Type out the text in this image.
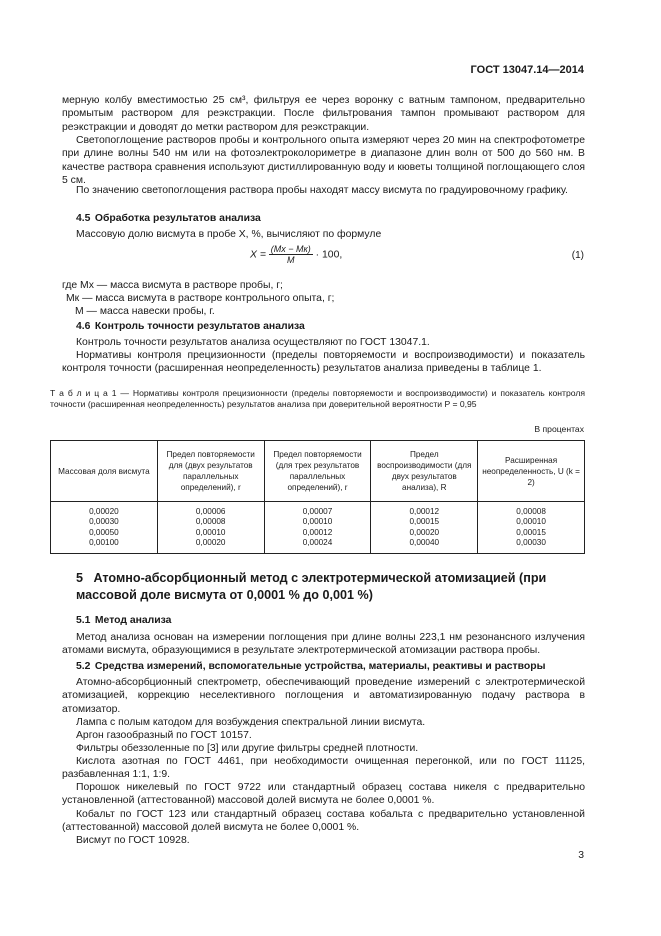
ГОСТ 13047.14—2014
мерную колбу вместимостью 25 см³, фильтруя ее через воронку с ватным тампоном, предварительно промытым раствором для реэкстракции. После фильтрования тампон промывают раствором для реэкстракции и доводят до метки раствором для реэкстракции.
Светопоглощение растворов пробы и контрольного опыта измеряют через 20 мин на спектрофотометре при длине волны 540 нм или на фотоэлектроколориметре в диапазоне длин волн от 500 до 560 нм. В качестве раствора сравнения используют дистиллированную воду и кюветы толщиной поглощающего слоя 5 см.
По значению светопоглощения раствора пробы находят массу висмута по градуировочному графику.
4.5 Обработка результатов анализа
Массовую долю висмута в пробе X, %, вычисляют по формуле
$X = \frac{(Mx - Mк)}{M} \cdot 100$,	(1)
где Mx — масса висмута в растворе пробы, г;
Mк — масса висмута в растворе контрольного опыта, г;
M — масса навески пробы, г.
4.6 Контроль точности результатов анализа
Контроль точности результатов анализа осуществляют по ГОСТ 13047.1.
Нормативы контроля прецизионности (пределы повторяемости и воспроизводимости) и показатель контроля точности (расширенная неопределенность) результатов анализа приведены в таблице 1.
Т а б л и ц а 1 — Нормативы контроля прецизионности (пределы повторяемости и воспроизводимости) и показатель контроля точности (расширенная неопределенность) результатов анализа при доверительной вероятности P = 0,95
В процентах
Массовая доля висмута	Предел повторяемости для (двух результатов параллельных определений), r	Предел повторяемости (для трех результатов параллельных определений), r	Предел воспроизводимости (для двух результатов анализа), R	Расширенная неопределенность, U (k = 2)
0,00020	0,00006	0,00007	0,00012	0,00008
0,00030	0,00008	0,00010	0,00015	0,00010
0,00050	0,00010	0,00012	0,00020	0,00015
0,00100	0,00020	0,00024	0,00040	0,00030
5 Атомно-абсорбционный метод с электротермической атомизацией (при массовой доле висмута от 0,0001 % до 0,001 %)
5.1 Метод анализа
Метод анализа основан на измерении поглощения при длине волны 223,1 нм резонансного излучения атомами висмута, образующимися в результате электротермической атомизации раствора пробы.
5.2 Средства измерений, вспомогательные устройства, материалы, реактивы и растворы
Атомно-абсорбционный спектрометр, обеспечивающий проведение измерений с электротермической атомизацией, коррекцию неселективного поглощения и автоматизированную подачу раствора в атомизатор.
Лампа с полым катодом для возбуждения спектральной линии висмута.
Аргон газообразный по ГОСТ 10157.
Фильтры обеззоленные по [3] или другие фильтры средней плотности.
Кислота азотная по ГОСТ 4461, при необходимости очищенная перегонкой, или по ГОСТ 11125, разбавленная 1:1, 1:9.
Порошок никелевый по ГОСТ 9722 или стандартный образец состава никеля с предварительно установленной (аттестованной) массовой долей висмута не более 0,0001 %.
Кобальт по ГОСТ 123 или стандартный образец состава кобальта с предварительно установленной (аттестованной) массовой долей висмута не более 0,0001 %.
Висмут по ГОСТ 10928.
3
